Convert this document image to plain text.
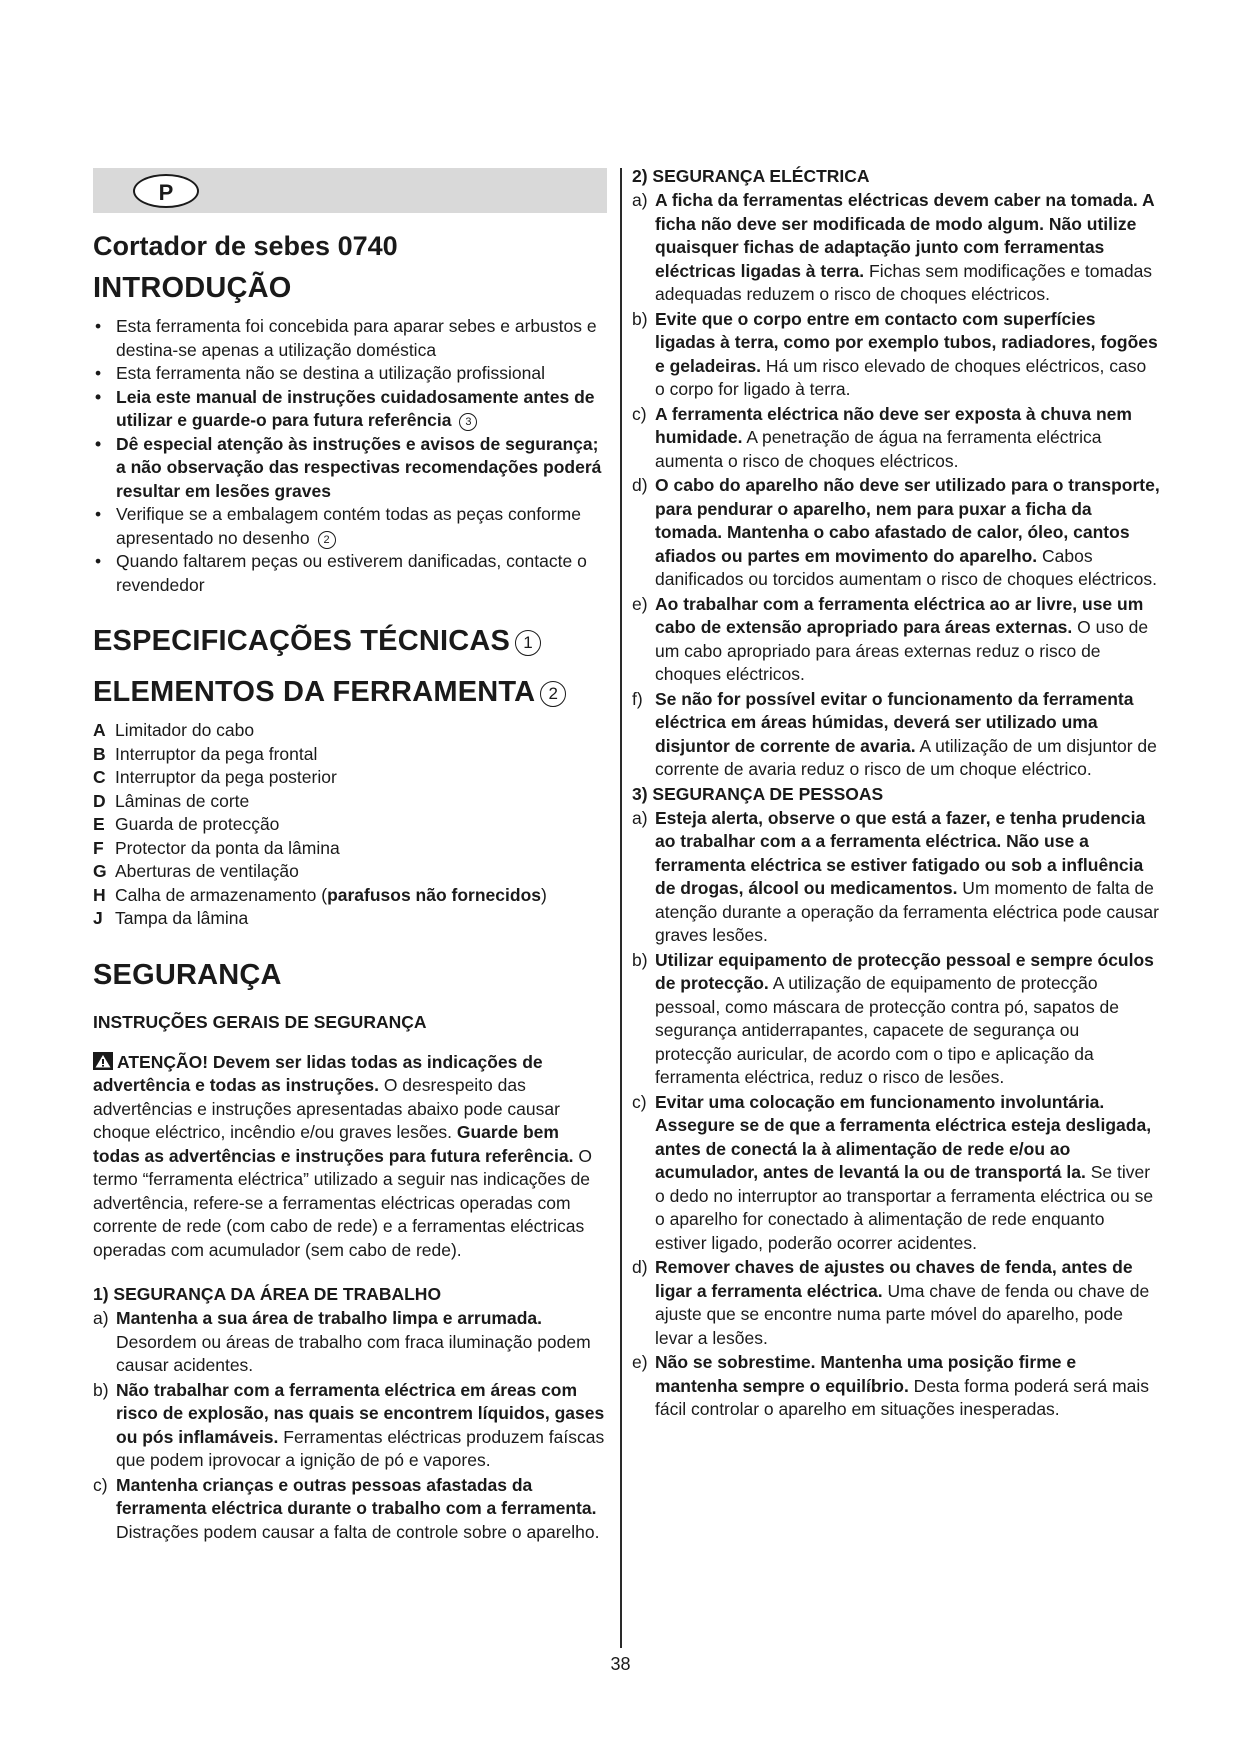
P
Cortador de sebes 0740
INTRODUÇÃO
• Esta ferramenta foi concebida para aparar sebes e arbustos e destina-se apenas a utilização doméstica
• Esta ferramenta não se destina a utilização profissional
• Leia este manual de instruções cuidadosamente antes de utilizar e guarde-o para futura referência 3
• Dê especial atenção às instruções e avisos de segurança; a não observação das respectivas recomendações poderá resultar em lesões graves
• Verifique se a embalagem contém todas as peças conforme apresentado no desenho 2
• Quando faltarem peças ou estiverem danificadas, contacte o revendedor
ESPECIFICAÇÕES TÉCNICAS 1
ELEMENTOS DA FERRAMENTA 2
A Limitador do cabo
B Interruptor da pega frontal
C Interruptor da pega posterior
D Lâminas de corte
E Guarda de protecção
F Protector da ponta da lâmina
G Aberturas de ventilação
H Calha de armazenamento (parafusos não fornecidos)
J Tampa da lâmina
SEGURANÇA
INSTRUÇÕES GERAIS DE SEGURANÇA
ATENÇÃO! Devem ser lidas todas as indicações de advertência e todas as instruções. O desrespeito das advertências e instruções apresentadas abaixo pode causar choque eléctrico, incêndio e/ou graves lesões. Guarde bem todas as advertências e instruções para futura referência. O termo “ferramenta eléctrica” utilizado a seguir nas indicações de advertência, refere-se a ferramentas eléctricas operadas com corrente de rede (com cabo de rede) e a ferramentas eléctricas operadas com acumulador (sem cabo de rede).
1) SEGURANÇA DA ÁREA DE TRABALHO
a) Mantenha a sua área de trabalho limpa e arrumada. Desordem ou áreas de trabalho com fraca iluminação podem causar acidentes.
b) Não trabalhar com a ferramenta eléctrica em áreas com risco de explosão, nas quais se encontrem líquidos, gases ou pós inflamáveis. Ferramentas eléctricas produzem faíscas que podem iprovocar a ignição de pó e vapores.
c) Mantenha crianças e outras pessoas afastadas da ferramenta eléctrica durante o trabalho com a ferramenta. Distrações podem causar a falta de controle sobre o aparelho.
2) SEGURANÇA ELÉCTRICA
a) A ficha da ferramentas eléctricas devem caber na tomada. A ficha não deve ser modificada de modo algum. Não utilize quaisquer fichas de adaptação junto com ferramentas eléctricas ligadas à terra. Fichas sem modificações e tomadas adequadas reduzem o risco de choques eléctricos.
b) Evite que o corpo entre em contacto com superfícies ligadas à terra, como por exemplo tubos, radiadores, fogões e geladeiras. Há um risco elevado de choques eléctricos, caso o corpo for ligado à terra.
c) A ferramenta eléctrica não deve ser exposta à chuva nem humidade. A penetração de água na ferramenta eléctrica aumenta o risco de choques eléctricos.
d) O cabo do aparelho não deve ser utilizado para o transporte, para pendurar o aparelho, nem para puxar a ficha da tomada. Mantenha o cabo afastado de calor, óleo, cantos afiados ou partes em movimento do aparelho. Cabos danificados ou torcidos aumentam o risco de choques eléctricos.
e) Ao trabalhar com a ferramenta eléctrica ao ar livre, use um cabo de extensão apropriado para áreas externas. O uso de um cabo apropriado para áreas externas reduz o risco de choques eléctricos.
f) Se não for possível evitar o funcionamento da ferramenta eléctrica em áreas húmidas, deverá ser utilizado uma disjuntor de corrente de avaria. A utilização de um disjuntor de corrente de avaria reduz o risco de um choque eléctrico.
3) SEGURANÇA DE PESSOAS
a) Esteja alerta, observe o que está a fazer, e tenha prudencia ao trabalhar com a a ferramenta eléctrica. Não use a ferramenta eléctrica se estiver fatigado ou sob a influência de drogas, álcool ou medicamentos. Um momento de falta de atenção durante a operação da ferramenta eléctrica pode causar graves lesões.
b) Utilizar equipamento de protecção pessoal e sempre óculos de protecção. A utilização de equipamento de protecção pessoal, como máscara de protecção contra pó, sapatos de segurança antiderrapantes, capacete de segurança ou protecção auricular, de acordo com o tipo e aplicação da ferramenta eléctrica, reduz o risco de lesões.
c) Evitar uma colocação em funcionamento involuntária. Assegure se de que a ferramenta eléctrica esteja desligada, antes de conectá la à alimentação de rede e/ou ao acumulador, antes de levantá la ou de transportá la. Se tiver o dedo no interruptor ao transportar a ferramenta eléctrica ou se o aparelho for conectado à alimentação de rede enquanto estiver ligado, poderão ocorrer acidentes.
d) Remover chaves de ajustes ou chaves de fenda, antes de ligar a ferramenta eléctrica. Uma chave de fenda ou chave de ajuste que se encontre numa parte móvel do aparelho, pode levar a lesões.
e) Não se sobrestime. Mantenha uma posição firme e mantenha sempre o equilíbrio. Desta forma poderá será mais fácil controlar o aparelho em situações inesperadas.
38
